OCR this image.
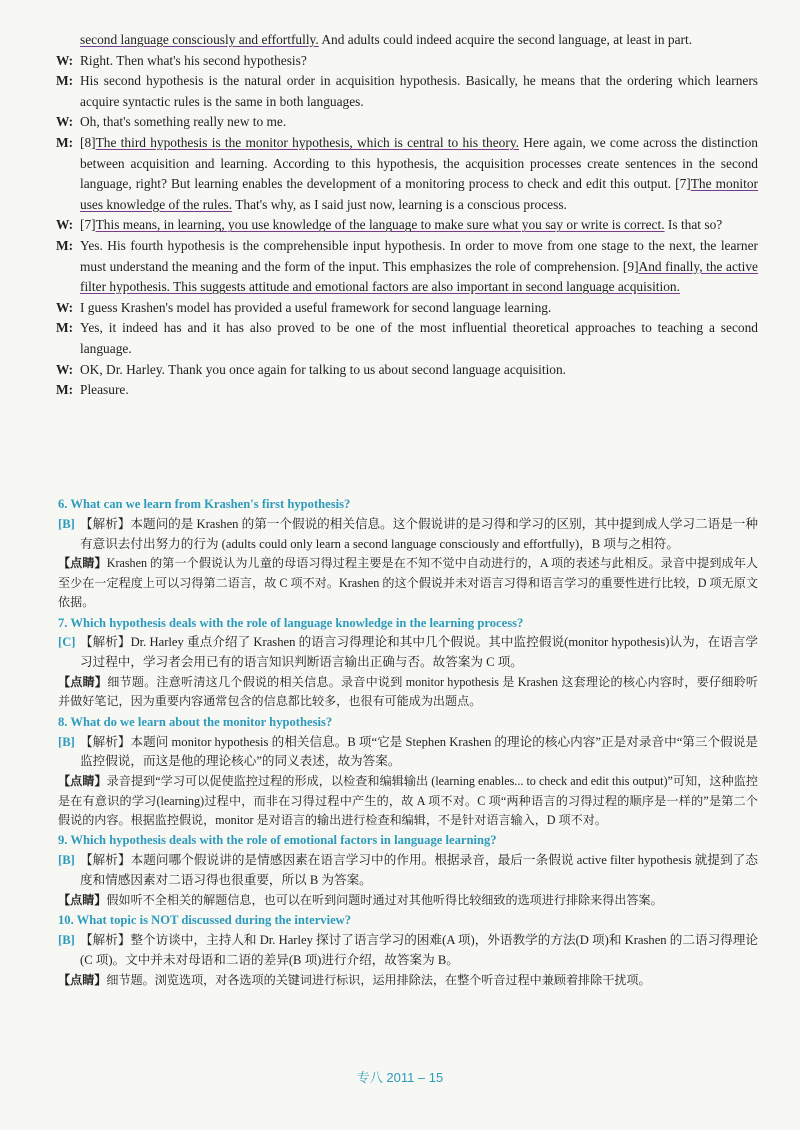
second language consciously and effortfully. And adults could indeed acquire the second language, at least in part.
W: Right. Then what's his second hypothesis?
M: His second hypothesis is the natural order in acquisition hypothesis. Basically, he means that the ordering which learners acquire syntactic rules is the same in both languages.
W: Oh, that's something really new to me.
M: [8]The third hypothesis is the monitor hypothesis, which is central to his theory. Here again, we come across the distinction between acquisition and learning. According to this hypothesis, the acquisition processes create sentences in the second language, right? But learning enables the development of a monitoring process to check and edit this output. [7]The monitor uses knowledge of the rules. That's why, as I said just now, learning is a conscious process.
W: [7]This means, in learning, you use knowledge of the language to make sure what you say or write is correct. Is that so?
M: Yes. His fourth hypothesis is the comprehensible input hypothesis. In order to move from one stage to the next, the learner must understand the meaning and the form of the input. This emphasizes the role of comprehension. [9]And finally, the active filter hypothesis. This suggests attitude and emotional factors are also important in second language acquisition.
W: I guess Krashen's model has provided a useful framework for second language learning.
M: Yes, it indeed has and it has also proved to be one of the most influential theoretical approaches to teaching a second language.
W: OK, Dr. Harley. Thank you once again for talking to us about second language acquisition.
M: Pleasure.
6. What can we learn from Krashen's first hypothesis?
[B] 【解析】本题问的是 Krashen 的第一个假说的相关信息。这个假说讲的是习得和学习的区别，其中提到成人学习二语是一种有意识去付出努力的行为 (adults could only learn a second language consciously and effortfully)，B 项与之相符。
【点睛】Krashen 的第一个假说认为儿童的母语习得过程主要是在不知不觉中自动进行的，A 项的表述与此相反。录音中提到成年人至少在一定程度上可以习得第二语言，故 C 项不对。Krashen 的这个假说并未对语言习得和语言学习的重要性进行比较，D 项无原文依据。
7. Which hypothesis deals with the role of language knowledge in the learning process?
[C] 【解析】Dr. Harley 重点介绍了 Krashen 的语言习得理论和其中几个假说。其中监控假说(monitor hypothesis)认为，在语言学习过程中，学习者会用已有的语言知识判断语言输出正确与否。故答案为 C 项。
【点睛】细节题。注意听清这几个假说的相关信息。录音中说到 monitor hypothesis 是 Krashen 这套理论的核心内容时，要仔细聆听并做好笔记，因为重要内容通常包含的信息都比较多，也很有可能成为出题点。
8. What do we learn about the monitor hypothesis?
[B] 【解析】本题问 monitor hypothesis 的相关信息。B 项“它是 Stephen Krashen 的理论的核心内容”正是对录音中“第三个假说是监控假说，而这是他的理论核心”的同义表述，故为答案。
【点睛】录音提到“学习可以促使监控过程的形成，以检查和编辑输出 (learning enables... to check and edit this output)”可知，这种监控是在有意识的学习(learning)过程中，而非在习得过程中产生的，故 A 项不对。C 项“两种语言的习得过程的顺序是一样的”是第二个假说的内容。根据监控假说，monitor 是对语言的输出进行检查和编辑，不是针对语言输入，D 项不对。
9. Which hypothesis deals with the role of emotional factors in language learning?
[B] 【解析】本题问哪个假说讲的是情感因素在语言学习中的作用。根据录音，最后一条假说 active filter hypothesis 就提到了态度和情感因素对二语习得也很重要，所以 B 为答案。
【点睛】假如听不全相关的解题信息，也可以在听到问题时通过对其他听得比较细致的选项进行排除来得出答案。
10. What topic is NOT discussed during the interview?
[B] 【解析】整个访谈中，主持人和 Dr. Harley 探讨了语言学习的困难(A 项)，外语教学的方法(D 项)和 Krashen 的二语习得理论(C 项)。文中并未对母语和二语的差异(B 项)进行介绍，故答案为 B。
【点睛】细节题。浏览选项，对各选项的关键词进行标识，运用排除法，在整个听音过程中兼顾着排除干扰项。
专八 2011 – 15
